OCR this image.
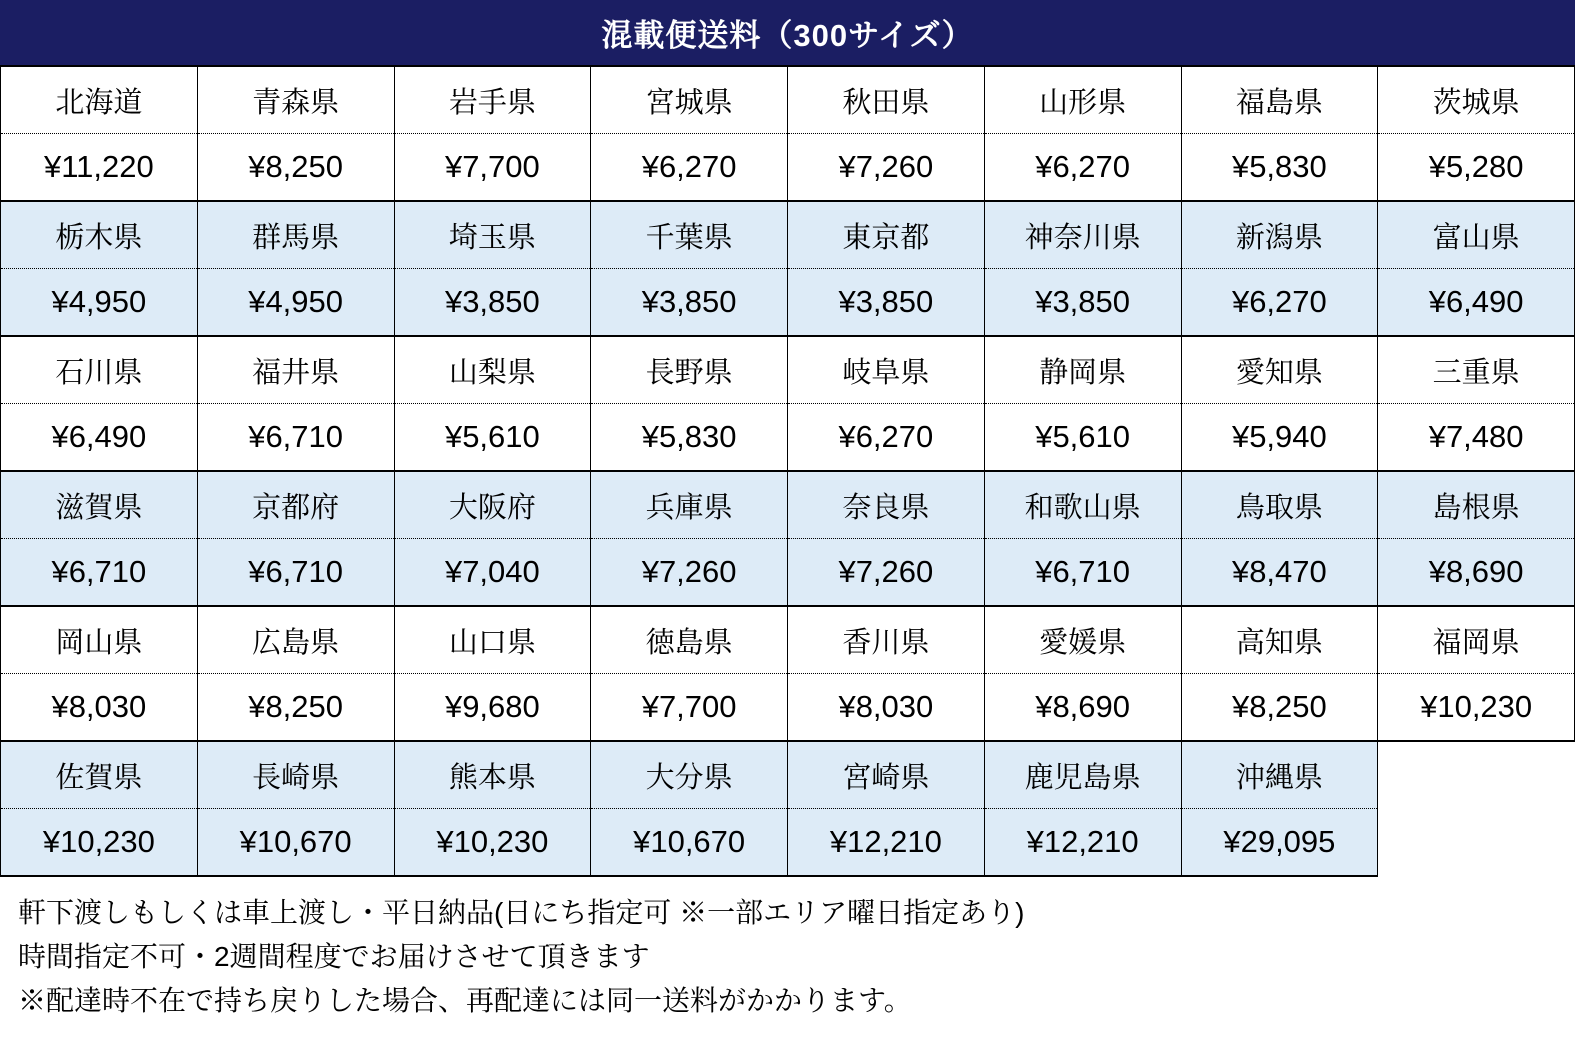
混載便送料（300サイズ）
北海道	青森県	岩手県	宮城県	秋田県	山形県	福島県	茨城県
¥11,220	¥8,250	¥7,700	¥6,270	¥7,260	¥6,270	¥5,830	¥5,280
栃木県	群馬県	埼玉県	千葉県	東京都	神奈川県	新潟県	富山県
¥4,950	¥4,950	¥3,850	¥3,850	¥3,850	¥3,850	¥6,270	¥6,490
石川県	福井県	山梨県	長野県	岐阜県	静岡県	愛知県	三重県
¥6,490	¥6,710	¥5,610	¥5,830	¥6,270	¥5,610	¥5,940	¥7,480
滋賀県	京都府	大阪府	兵庫県	奈良県	和歌山県	鳥取県	島根県
¥6,710	¥6,710	¥7,040	¥7,260	¥7,260	¥6,710	¥8,470	¥8,690
岡山県	広島県	山口県	徳島県	香川県	愛媛県	高知県	福岡県
¥8,030	¥8,250	¥9,680	¥7,700	¥8,030	¥8,690	¥8,250	¥10,230
佐賀県	長崎県	熊本県	大分県	宮崎県	鹿児島県	沖縄県	
¥10,230	¥10,670	¥10,230	¥10,670	¥12,210	¥12,210	¥29,095	
軒下渡しもしくは車上渡し・平日納品(日にち指定可 ※一部エリア曜日指定あり)
時間指定不可・2週間程度でお届けさせて頂きます
※配達時不在で持ち戻りした場合、再配達には同一送料がかかります。
